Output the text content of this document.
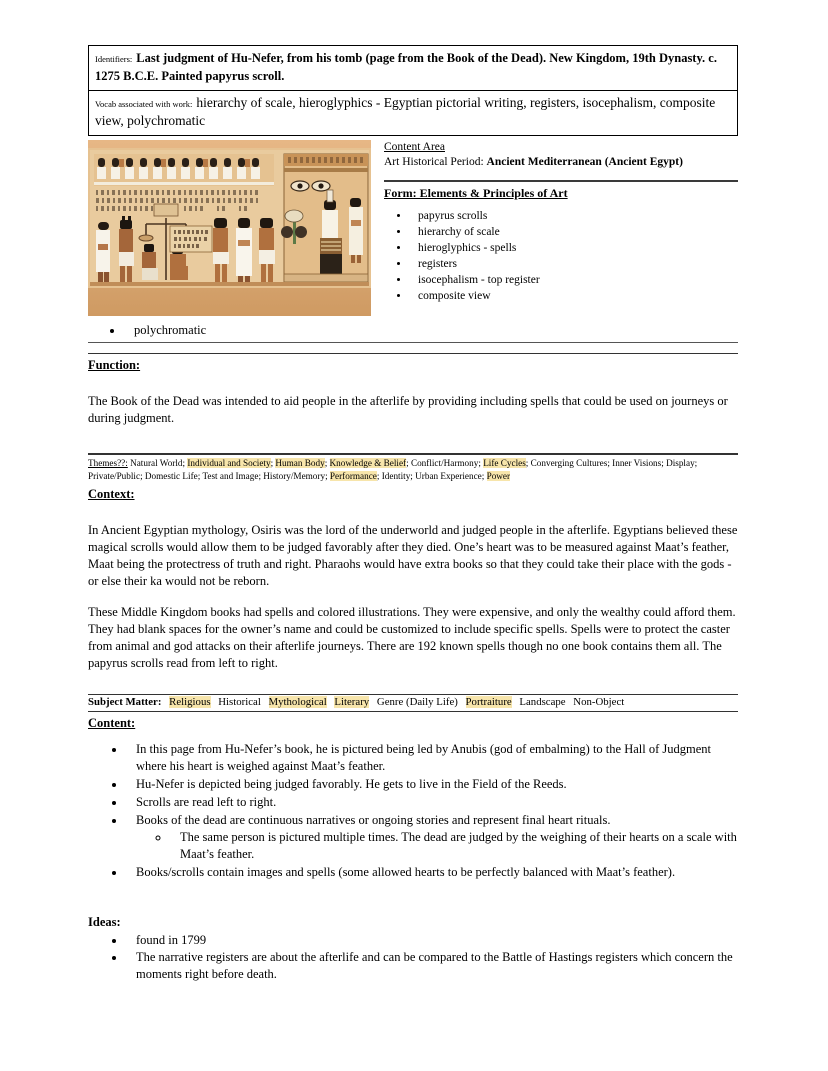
Identifiers: Last judgment of Hu-Nefer, from his tomb (page from the Book of the Dead). New Kingdom, 19th Dynasty. c. 1275 B.C.E. Painted papyrus scroll.
Vocab associated with work: hierarchy of scale, hieroglyphics - Egyptian pictorial writing, registers, isocephalism, composite view, polychromatic
Content Area
Art Historical Period: Ancient Mediterranean (Ancient Egypt)
Form: Elements & Principles of Art
• papyrus scrolls
• hierarchy of scale
• hieroglyphics - spells
• registers
• isocephalism - top register
• composite view
• polychromatic
Function:
The Book of the Dead was intended to aid people in the afterlife by providing including spells that could be used on journeys or during judgment.
Themes??: Natural World; Individual and Society; Human Body; Knowledge & Belief; Conflict/Harmony; Life Cycles; Converging Cultures; Inner Visions; Display; Private/Public; Domestic Life; Test and Image; History/Memory; Performance; Identity; Urban Experience; Power
Context:
In Ancient Egyptian mythology, Osiris was the lord of the underworld and judged people in the afterlife. Egyptians believed these magical scrolls would allow them to be judged favorably after they died. One’s heart was to be measured against Maat’s feather, Maat being the protectress of truth and right. Pharaohs would have extra books so that they could take their place with the gods - or else their ka would not be reborn.
These Middle Kingdom books had spells and colored illustrations. They were expensive, and only the wealthy could afford them. They had blank spaces for the owner’s name and could be customized to include specific spells. Spells were to protect the caster from animal and god attacks on their afterlife journeys. There are 192 known spells though no one book contains them all. The papyrus scrolls read from left to right.
Subject Matter: Religious Historical Mythological Literary Genre (Daily Life) Portraiture Landscape Non-Object
Content:
• In this page from Hu-Nefer’s book, he is pictured being led by Anubis (god of embalming) to the Hall of Judgment where his heart is weighed against Maat’s feather.
• Hu-Nefer is depicted being judged favorably. He gets to live in the Field of the Reeds.
• Scrolls are read left to right.
• Books of the dead are continuous narratives or ongoing stories and represent final heart rituals.
◦ The same person is pictured multiple times. The dead are judged by the weighing of their hearts on a scale with Maat’s feather.
• Books/scrolls contain images and spells (some allowed hearts to be perfectly balanced with Maat’s feather).
Ideas:
• found in 1799
• The narrative registers are about the afterlife and can be compared to the Battle of Hastings registers which concern the moments right before death.
